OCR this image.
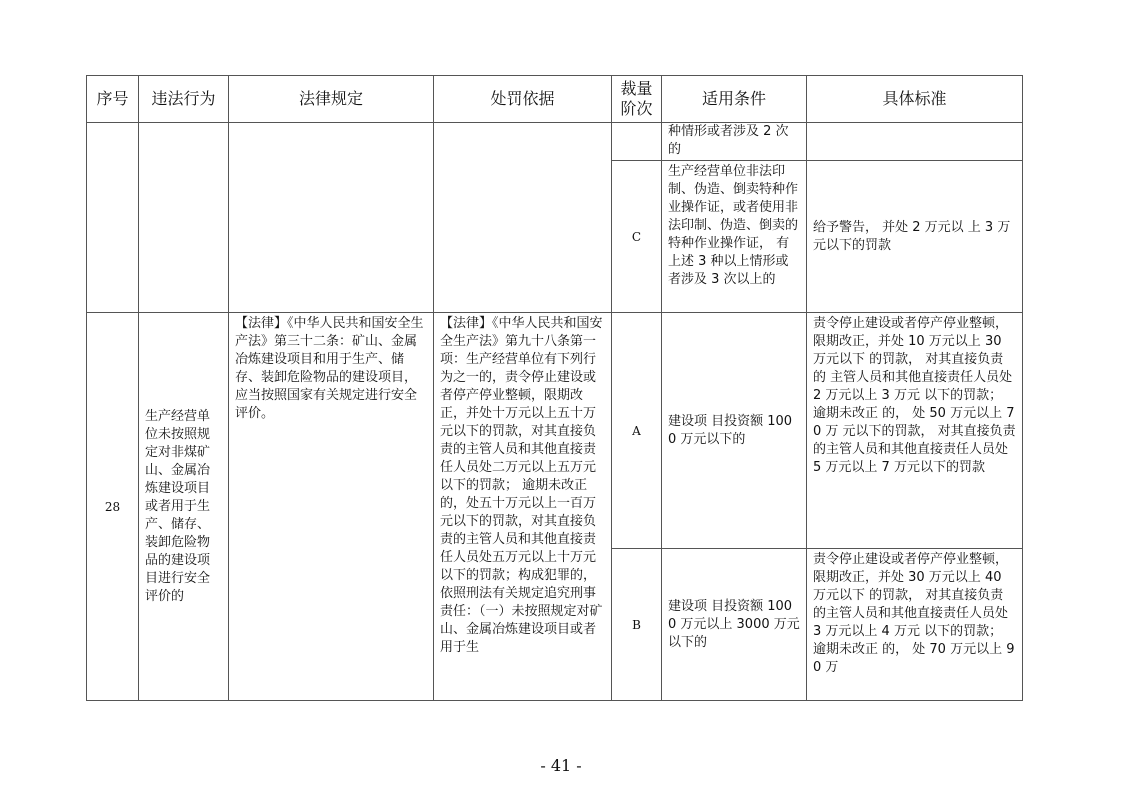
序号	违法行为	法律规定	处罚依据	裁量阶次	适用条件	具体标准
					种情形或者涉及 2 次的	
				C	生产经营单位非法印制、伪造、倒卖特种作业操作证，或者使用非法印制、伪造、倒卖的特种作业操作证， 有上述 3 种以上情形或者涉及 3 次以上的	给予警告， 并处 2 万元以 上 3 万元以下的罚款
28	生产经营单位未按照规定对非煤矿山、金属冶炼建设项目或者用于生产、储存、装卸危险物品的建设项目进行安全评价的	【法律】《中华人民共和国安全生产法》第三十二条：矿山、金属冶炼建设项目和用于生产、储存、装卸危险物品的建设项目， 应当按照国家有关规定进行安全评价。	【法律】《中华人民共和国安全生产法》第九十八条第一项：生产经营单位有下列行为之一的，责令停止建设或者停产停业整顿，限期改正，并处十万元以上五十万元以下的罚款，对其直接负责的主管人员和其他直接责任人员处二万元以上五万元以下的罚款； 逾期未改正的，处五十万元以上一百万元以下的罚款，对其直接负责的主管人员和其他直接责任人员处五万元以上十万元以下的罚款；构成犯罪的，依照刑法有关规定追究刑事责任：（一）未按照规定对矿山、金属冶炼建设项目或者用于生	A	建设项 目投资额 1000 万元以下的	责令停止建设或者停产停业整顿，限期改正，并处 10 万元以上 30 万元以下 的罚款， 对其直接负责的 主管人员和其他直接责任人员处 2 万元以上 3 万元 以下的罚款； 逾期未改正 的， 处 50 万元以上 70 万 元以下的罚款， 对其直接负责的主管人员和其他直接责任人员处 5 万元以上 7 万元以下的罚款
				B	建设项 目投资额 1000 万元以上 3000 万元以下的	责令停止建设或者停产停业整顿，限期改正，并处 30 万元以上 40 万元以下 的罚款， 对其直接负责的主管人员和其他直接责任人员处 3 万元以上 4 万元 以下的罚款； 逾期未改正 的， 处 70 万元以上 90 万
- 41 -
